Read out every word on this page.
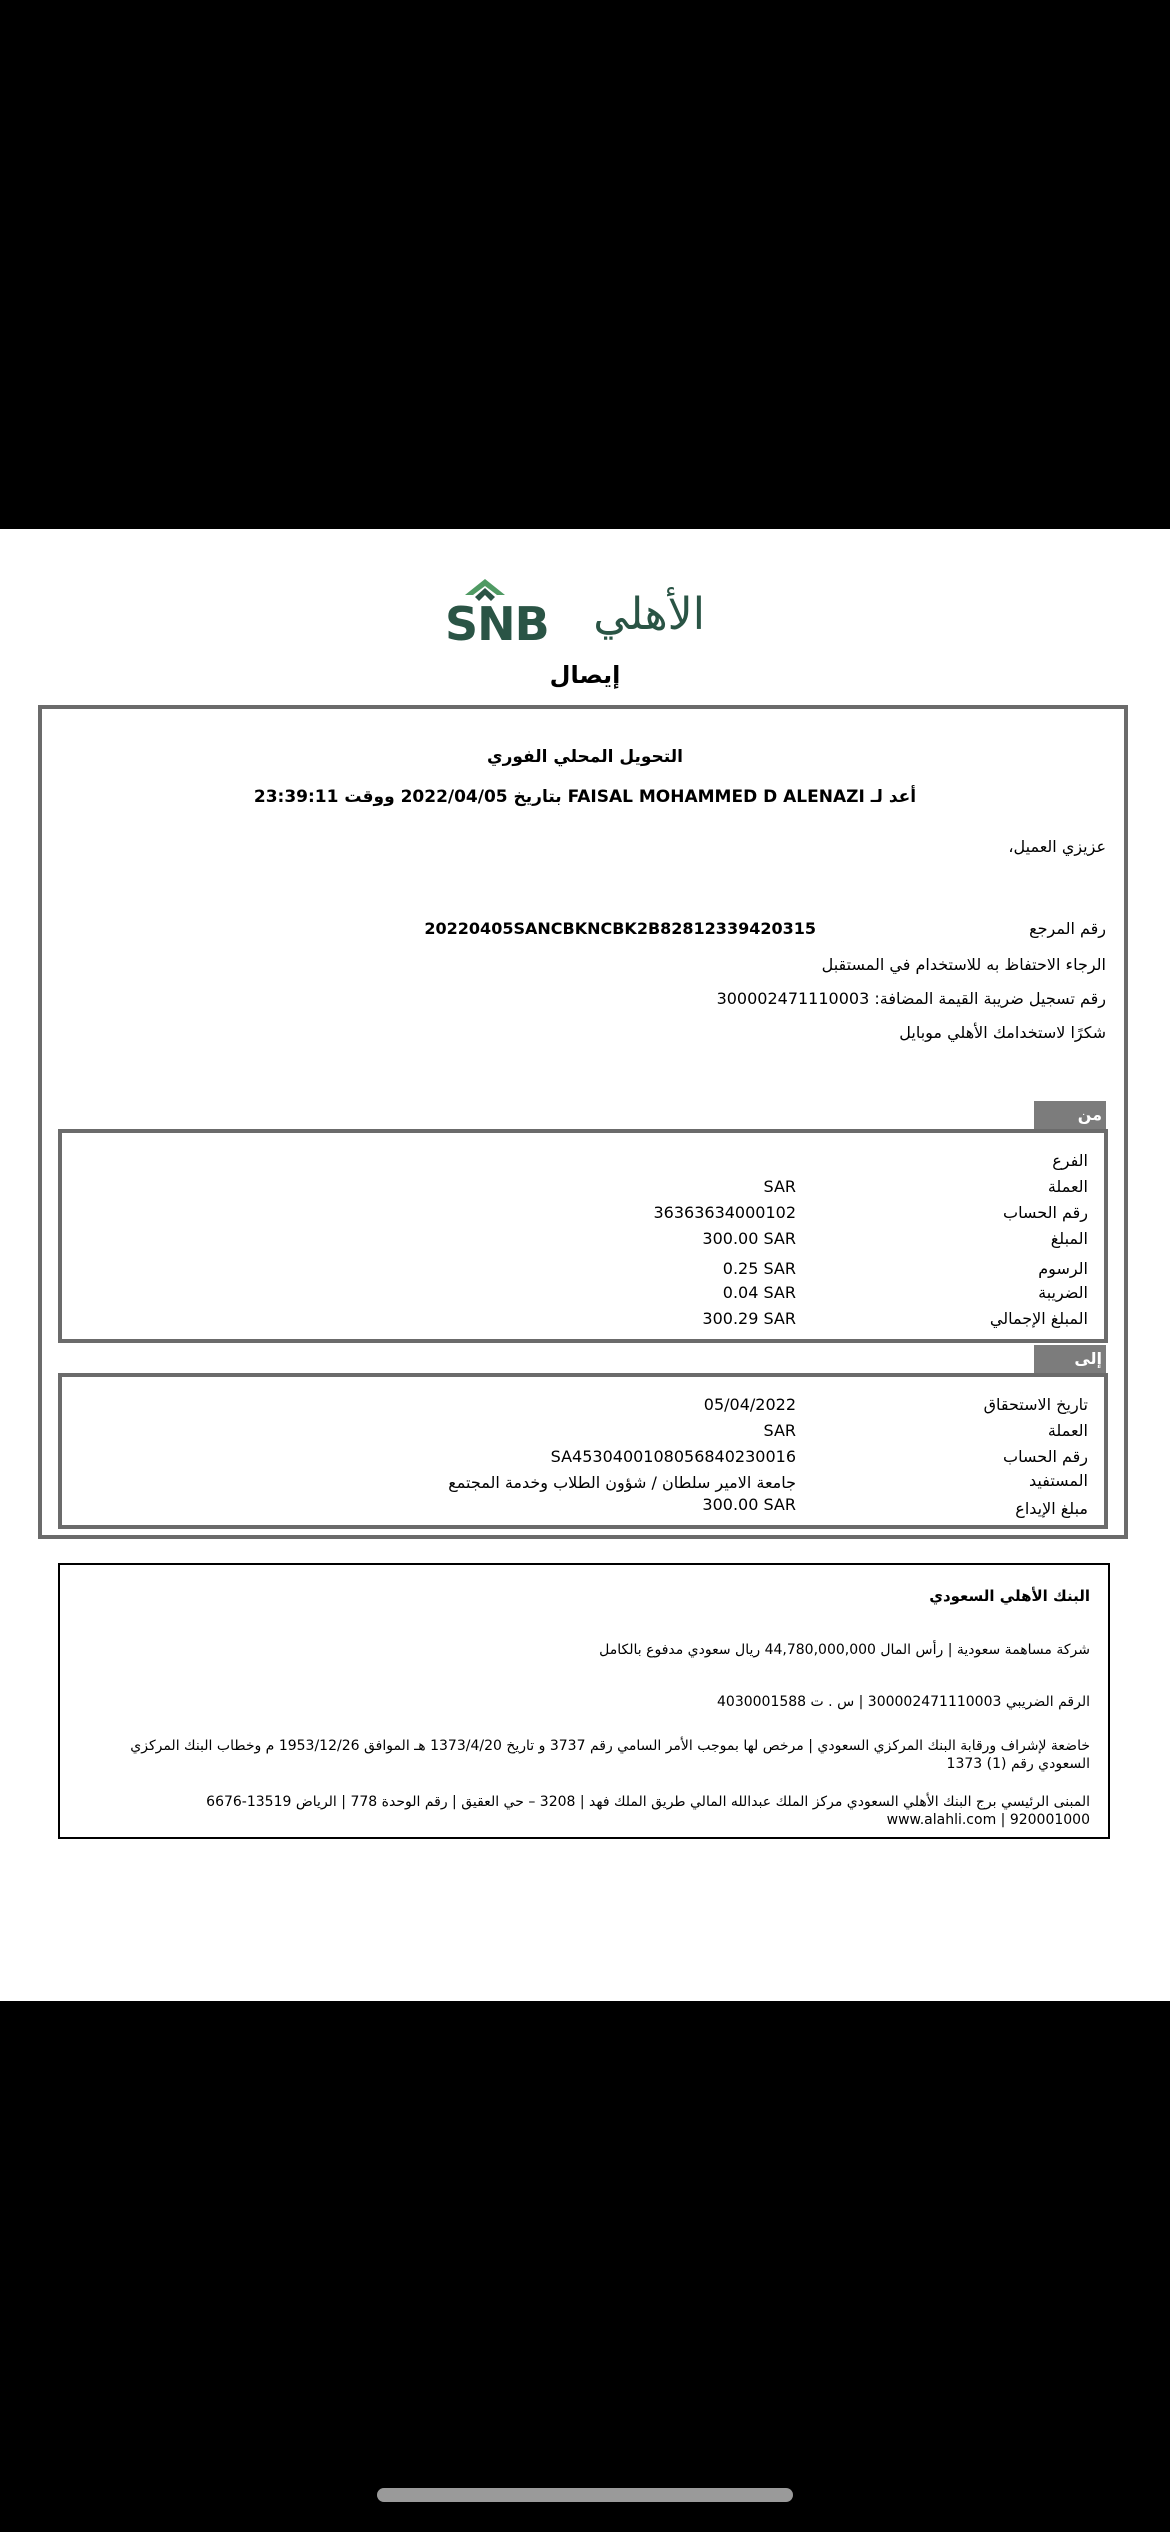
SNB الأهلي
إيصال
التحويل المحلي الفوري
أعد لـ FAISAL MOHAMMED D ALENAZI بتاريخ 2022/04/05 ووقت 23:39:11
عزيزي العميل،
رقم المرجع
20220405SANCBKNCBK2B82812339420315
الرجاء الاحتفاظ به للاستخدام في المستقبل
رقم تسجيل ضريبة القيمة المضافة: 300002471110003
شكرًا لاستخدامك الأهلي موبايل
من
الفرع
العملة
SAR
رقم الحساب
36363634000102
المبلغ
300.00 SAR
الرسوم
0.25 SAR
الضريبة
0.04 SAR
المبلغ الإجمالي
300.29 SAR
إلى
تاريخ الاستحقاق
05/04/2022
العملة
SAR
رقم الحساب
SA4530400108056840230016
المستفيد
جامعة الامير سلطان / شؤون الطلاب وخدمة المجتمع
مبلغ الإيداع
300.00 SAR
البنك الأهلي السعودي
شركة مساهمة سعودية | رأس المال 44,780,000,000 ريال سعودي مدفوع بالكامل
الرقم الضريبي 300002471110003 | س . ت 4030001588
خاضعة لإشراف ورقابة البنك المركزي السعودي | مرخص لها بموجب الأمر السامي رقم 3737 و تاريخ 1373/4/20 هـ الموافق 1953/12/26 م وخطاب البنك المركزي السعودي رقم (1) 1373
المبنى الرئيسي برج البنك الأهلي السعودي مركز الملك عبدالله المالي طريق الملك فهد | 3208 – حي العقيق | رقم الوحدة 778 | الرياض 13519-6676
www.alahli.com | 920001000
